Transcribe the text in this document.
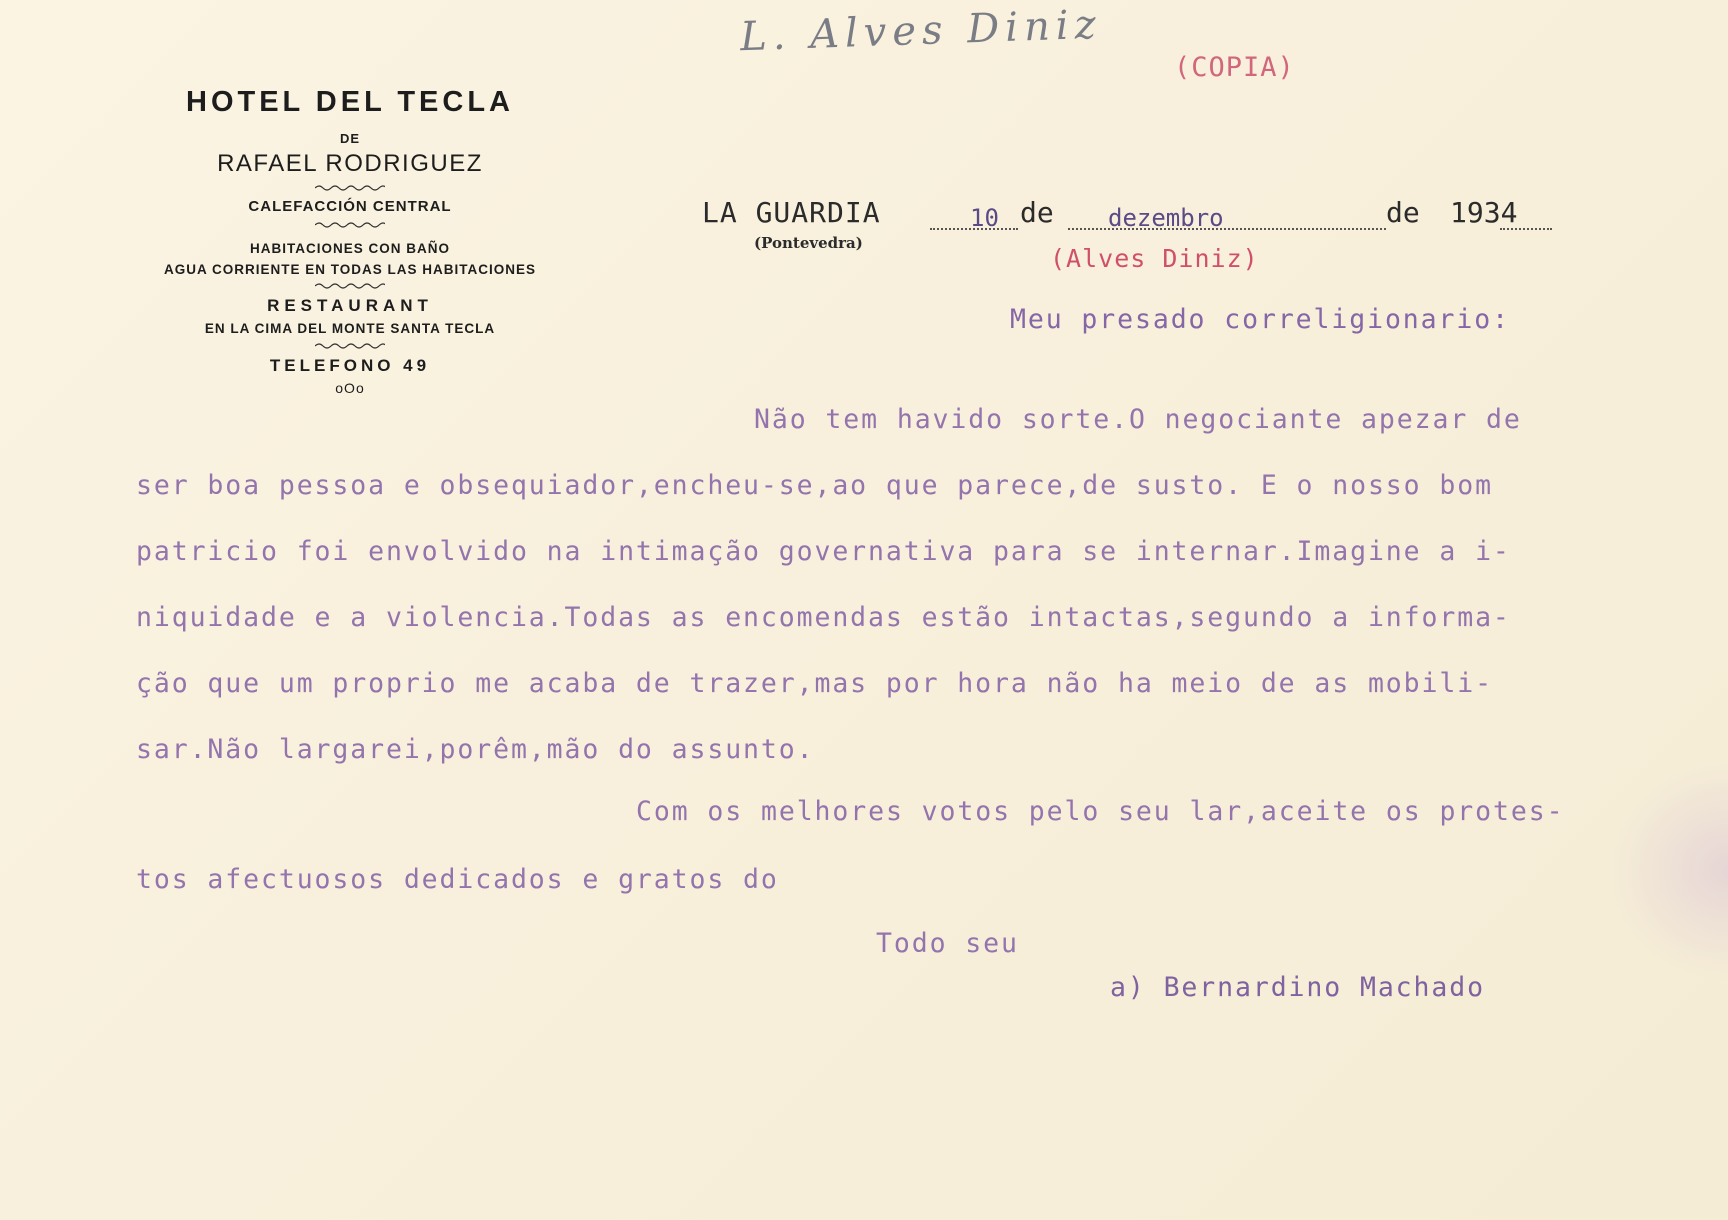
L. Alves Diniz
(COPIA)
HOTEL DEL TECLA
DE
RAFAEL RODRIGUEZ
CALEFACCIÓN CENTRAL
HABITACIONES CON BAÑO
AGUA CORRIENTE EN TODAS LAS HABITACIONES
RESTAURANT
EN LA CIMA DEL MONTE SANTA TECLA
TELEFONO 49
oOo
LA GUARDIA
(Pontevedra)
10 de dezembro	de 1934
(Alves Diniz)
Meu presado correligionario:
Não tem havido sorte.O negociante apezar de
ser boa pessoa e obsequiador,encheu-se,ao que parece,de susto. E o nosso bom
patricio foi envolvido na intimação governativa para se internar.Imagine a i-
niquidade e a violencia.Todas as encomendas estão intactas,segundo a informa-
ção que um proprio me acaba de trazer,mas por hora não ha meio de as mobili-
sar.Não largarei,porêm,mão do assunto.
Com os melhores votos pelo seu lar,aceite os protes-
tos afectuosos dedicados e gratos do
Todo seu
a) Bernardino Machado
